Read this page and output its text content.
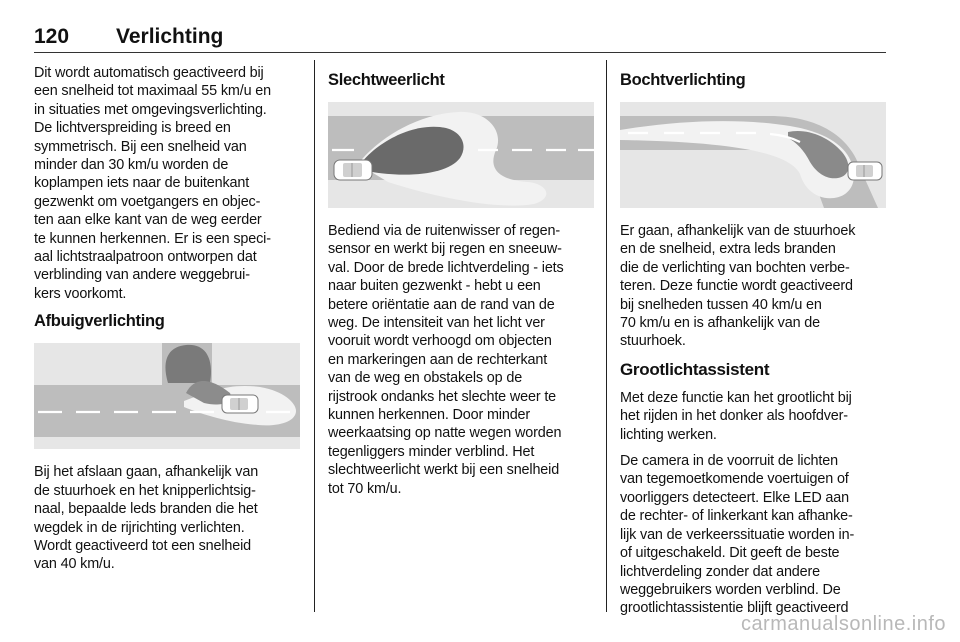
120 Verlichting

Dit wordt automatisch geactiveerd bij
een snelheid tot maximaal 55 km/u en
in situaties met omgevingsverlichting.
De lichtverspreiding is breed en
symmetrisch. Bij een snelheid van
minder dan 30 km/u worden de
koplampen iets naar de buitenkant
gezwenkt om voetgangers en objec-
ten aan elke kant van de weg eerder
te kunnen herkennen. Er is een speci-
aal lichtstraalpatroon ontworpen dat
verblinding van andere weggebrui-
kers voorkomt.

Afbuigverlichting

Bij het afslaan gaan, afhankelijk van
de stuurhoek en het knipperlichtsig-
naal, bepaalde leds branden die het
wegdek in de rijrichting verlichten.
Wordt geactiveerd tot een snelheid
van 40 km/u.

Slechtweerlicht

Bediend via de ruitenwisser of regen-
sensor en werkt bij regen en sneeuw-
val. Door de brede lichtverdeling - iets
naar buiten gezwenkt - hebt u een
betere oriëntatie aan de rand van de
weg. De intensiteit van het licht ver
vooruit wordt verhoogd om objecten
en markeringen aan de rechterkant
van de weg en obstakels op de
rijstrook ondanks het slechte weer te
kunnen herkennen. Door minder
weerkaatsing op natte wegen worden
tegenliggers minder verblind. Het
slechtweerlicht werkt bij een snelheid
tot 70 km/u.

Bochtverlichting

Er gaan, afhankelijk van de stuurhoek
en de snelheid, extra leds branden
die de verlichting van bochten verbe-
teren. Deze functie wordt geactiveerd
bij snelheden tussen 40 km/u en
70 km/u en is afhankelijk van de
stuurhoek.

Grootlichtassistent

Met deze functie kan het grootlicht bij
het rijden in het donker als hoofdver-
lichting werken.

De camera in de voorruit de lichten
van tegemoetkomende voertuigen of
voorliggers detecteert. Elke LED aan
de rechter- of linkerkant kan afhanke-
lijk van de verkeerssituatie worden in-
of uitgeschakeld. Dit geeft de beste
lichtverdeling zonder dat andere
weggebruikers worden verblind. De
grootlichtassistentie blijft geactiveerd

carmanualsonline.info
